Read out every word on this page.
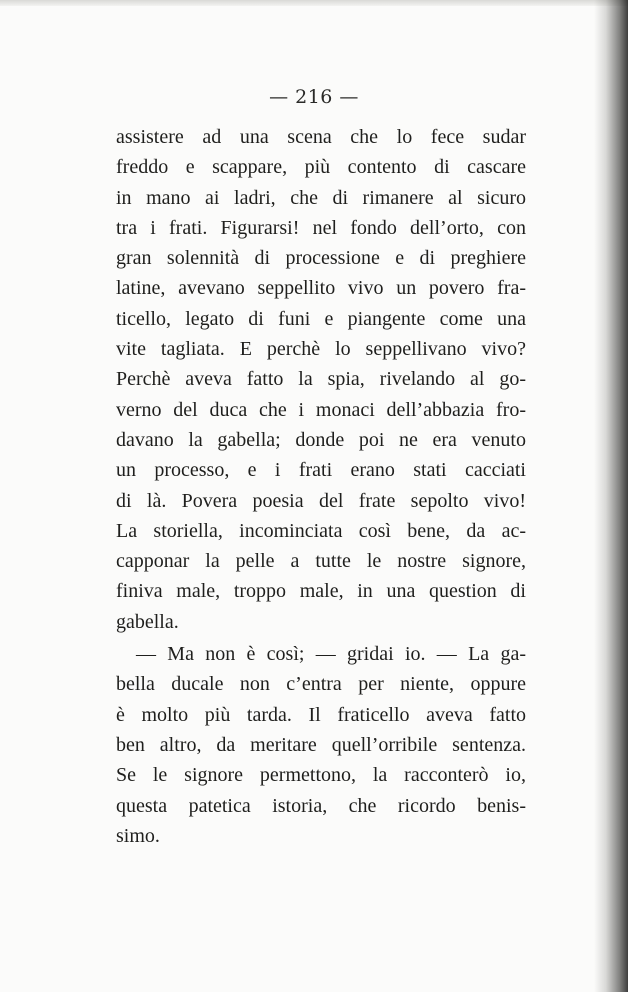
— 216 —
assistere ad una scena che lo fece sudar
freddo e scappare, più contento di cascare
in mano ai ladri, che di rimanere al sicuro
tra i frati. Figurarsi! nel fondo dell’orto, con
gran solennità di processione e di preghiere
latine, avevano seppellito vivo un povero fra-
ticello, legato di funi e piangente come una
vite tagliata. E perchè lo seppellivano vivo?
Perchè aveva fatto la spia, rivelando al go-
verno del duca che i monaci dell’abbazia fro-
davano la gabella; donde poi ne era venuto
un processo, e i frati erano stati cacciati
di là. Povera poesia del frate sepolto vivo!
La storiella, incominciata così bene, da ac-
capponar la pelle a tutte le nostre signore,
finiva male, troppo male, in una question di
gabella.
— Ma non è così; — gridai io. — La ga-
bella ducale non c’entra per niente, oppure
è molto più tarda. Il fraticello aveva fatto
ben altro, da meritare quell’orribile sentenza.
Se le signore permettono, la racconterò io,
questa patetica istoria, che ricordo benis-
simo.
